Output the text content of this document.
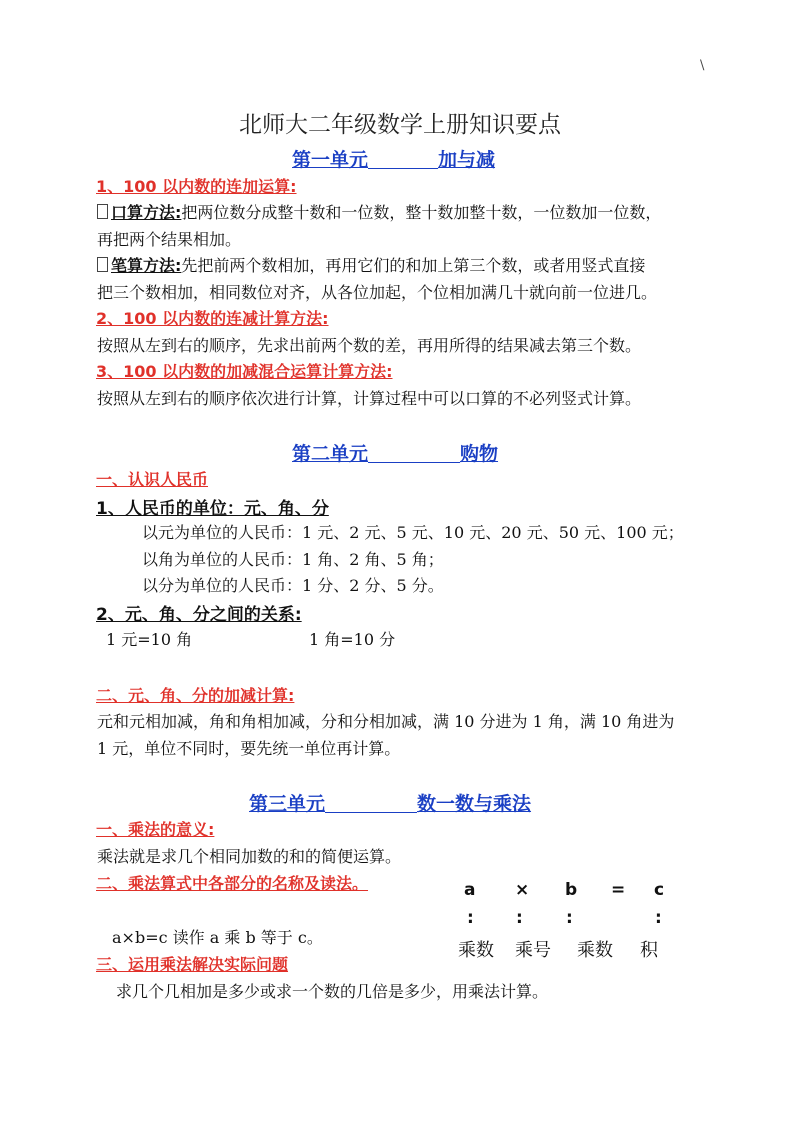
\
北师大二年级数学上册知识要点
第一单元	加与减
1、100 以内数的连加运算:
口算方法:把两位数分成整十数和一位数，整十数加整十数，一位数加一位数，
再把两个结果相加。
笔算方法:先把前两个数相加，再用它们的和加上第三个数，或者用竖式直接
把三个数相加，相同数位对齐，从各位加起，个位相加满几十就向前一位进几。
2、100 以内数的连减计算方法:
按照从左到右的顺序，先求出前两个数的差，再用所得的结果减去第三个数。
3、100 以内数的加减混合运算计算方法:
按照从左到右的顺序依次进行计算，计算过程中可以口算的不必列竖式计算。
第二单元	购物
一、认识人民币
1、人民币的单位：元、角、分
以元为单位的人民币：1 元、2 元、5 元、10 元、20 元、50 元、100 元；
以角为单位的人民币：1 角、2 角、5 角；
以分为单位的人民币：1 分、2 分、5 分。
2、元、角、分之间的关系:
1 元=10 角	1 角=10 分
二、元、角、分的加减计算:
元和元相加减，角和角相加减，分和分相加减，满 10 分进为 1 角，满 10 角进为
1 元，单位不同时，要先统一单位再计算。
第三单元	数一数与乘法
一、乘法的意义:
乘法就是求几个相同加数的和的简便运算。
二、乘法算式中各部分的名称及读法。	a × b = c
: :	:	:
乘数 乘号 乘数 积
a×b=c 读作 a 乘 b 等于 c。
三、运用乘法解决实际问题
求几个几相加是多少或求一个数的几倍是多少，用乘法计算。
